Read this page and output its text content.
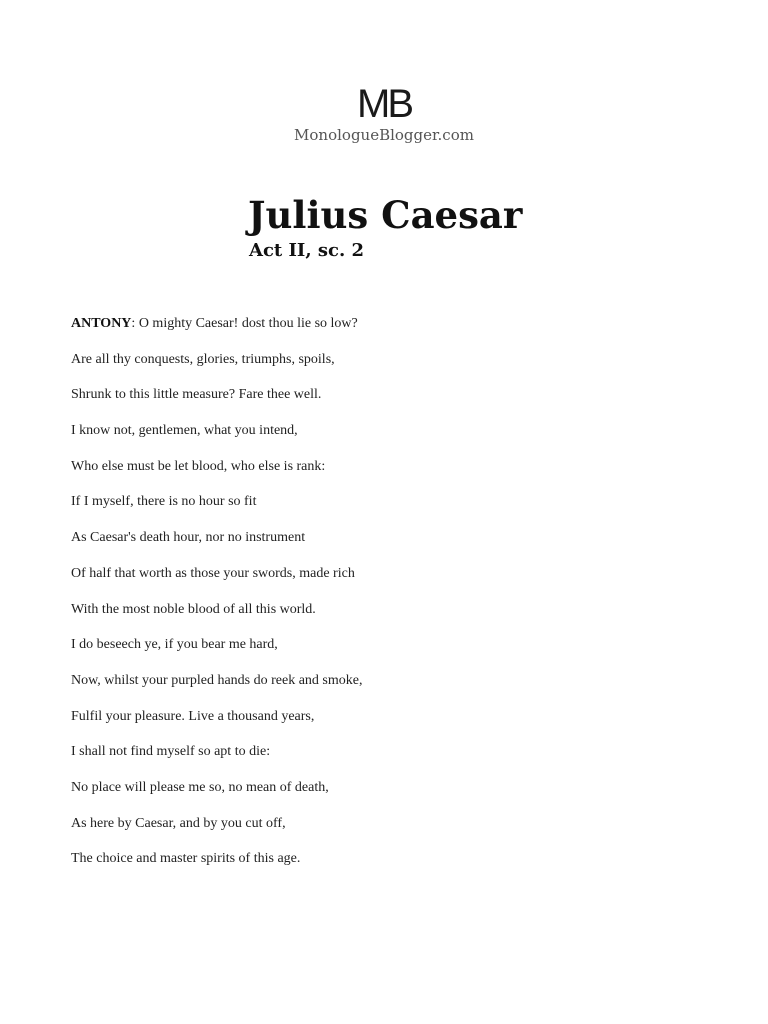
MB
MonologueBlogger.com
Julius Caesar
Act II, sc. 2
ANTONY: O mighty Caesar! dost thou lie so low?
Are all thy conquests, glories, triumphs, spoils,
Shrunk to this little measure? Fare thee well.
I know not, gentlemen, what you intend,
Who else must be let blood, who else is rank:
If I myself, there is no hour so fit
As Caesar's death hour, nor no instrument
Of half that worth as those your swords, made rich
With the most noble blood of all this world.
I do beseech ye, if you bear me hard,
Now, whilst your purpled hands do reek and smoke,
Fulfil your pleasure. Live a thousand years,
I shall not find myself so apt to die:
No place will please me so, no mean of death,
As here by Caesar, and by you cut off,
The choice and master spirits of this age.
